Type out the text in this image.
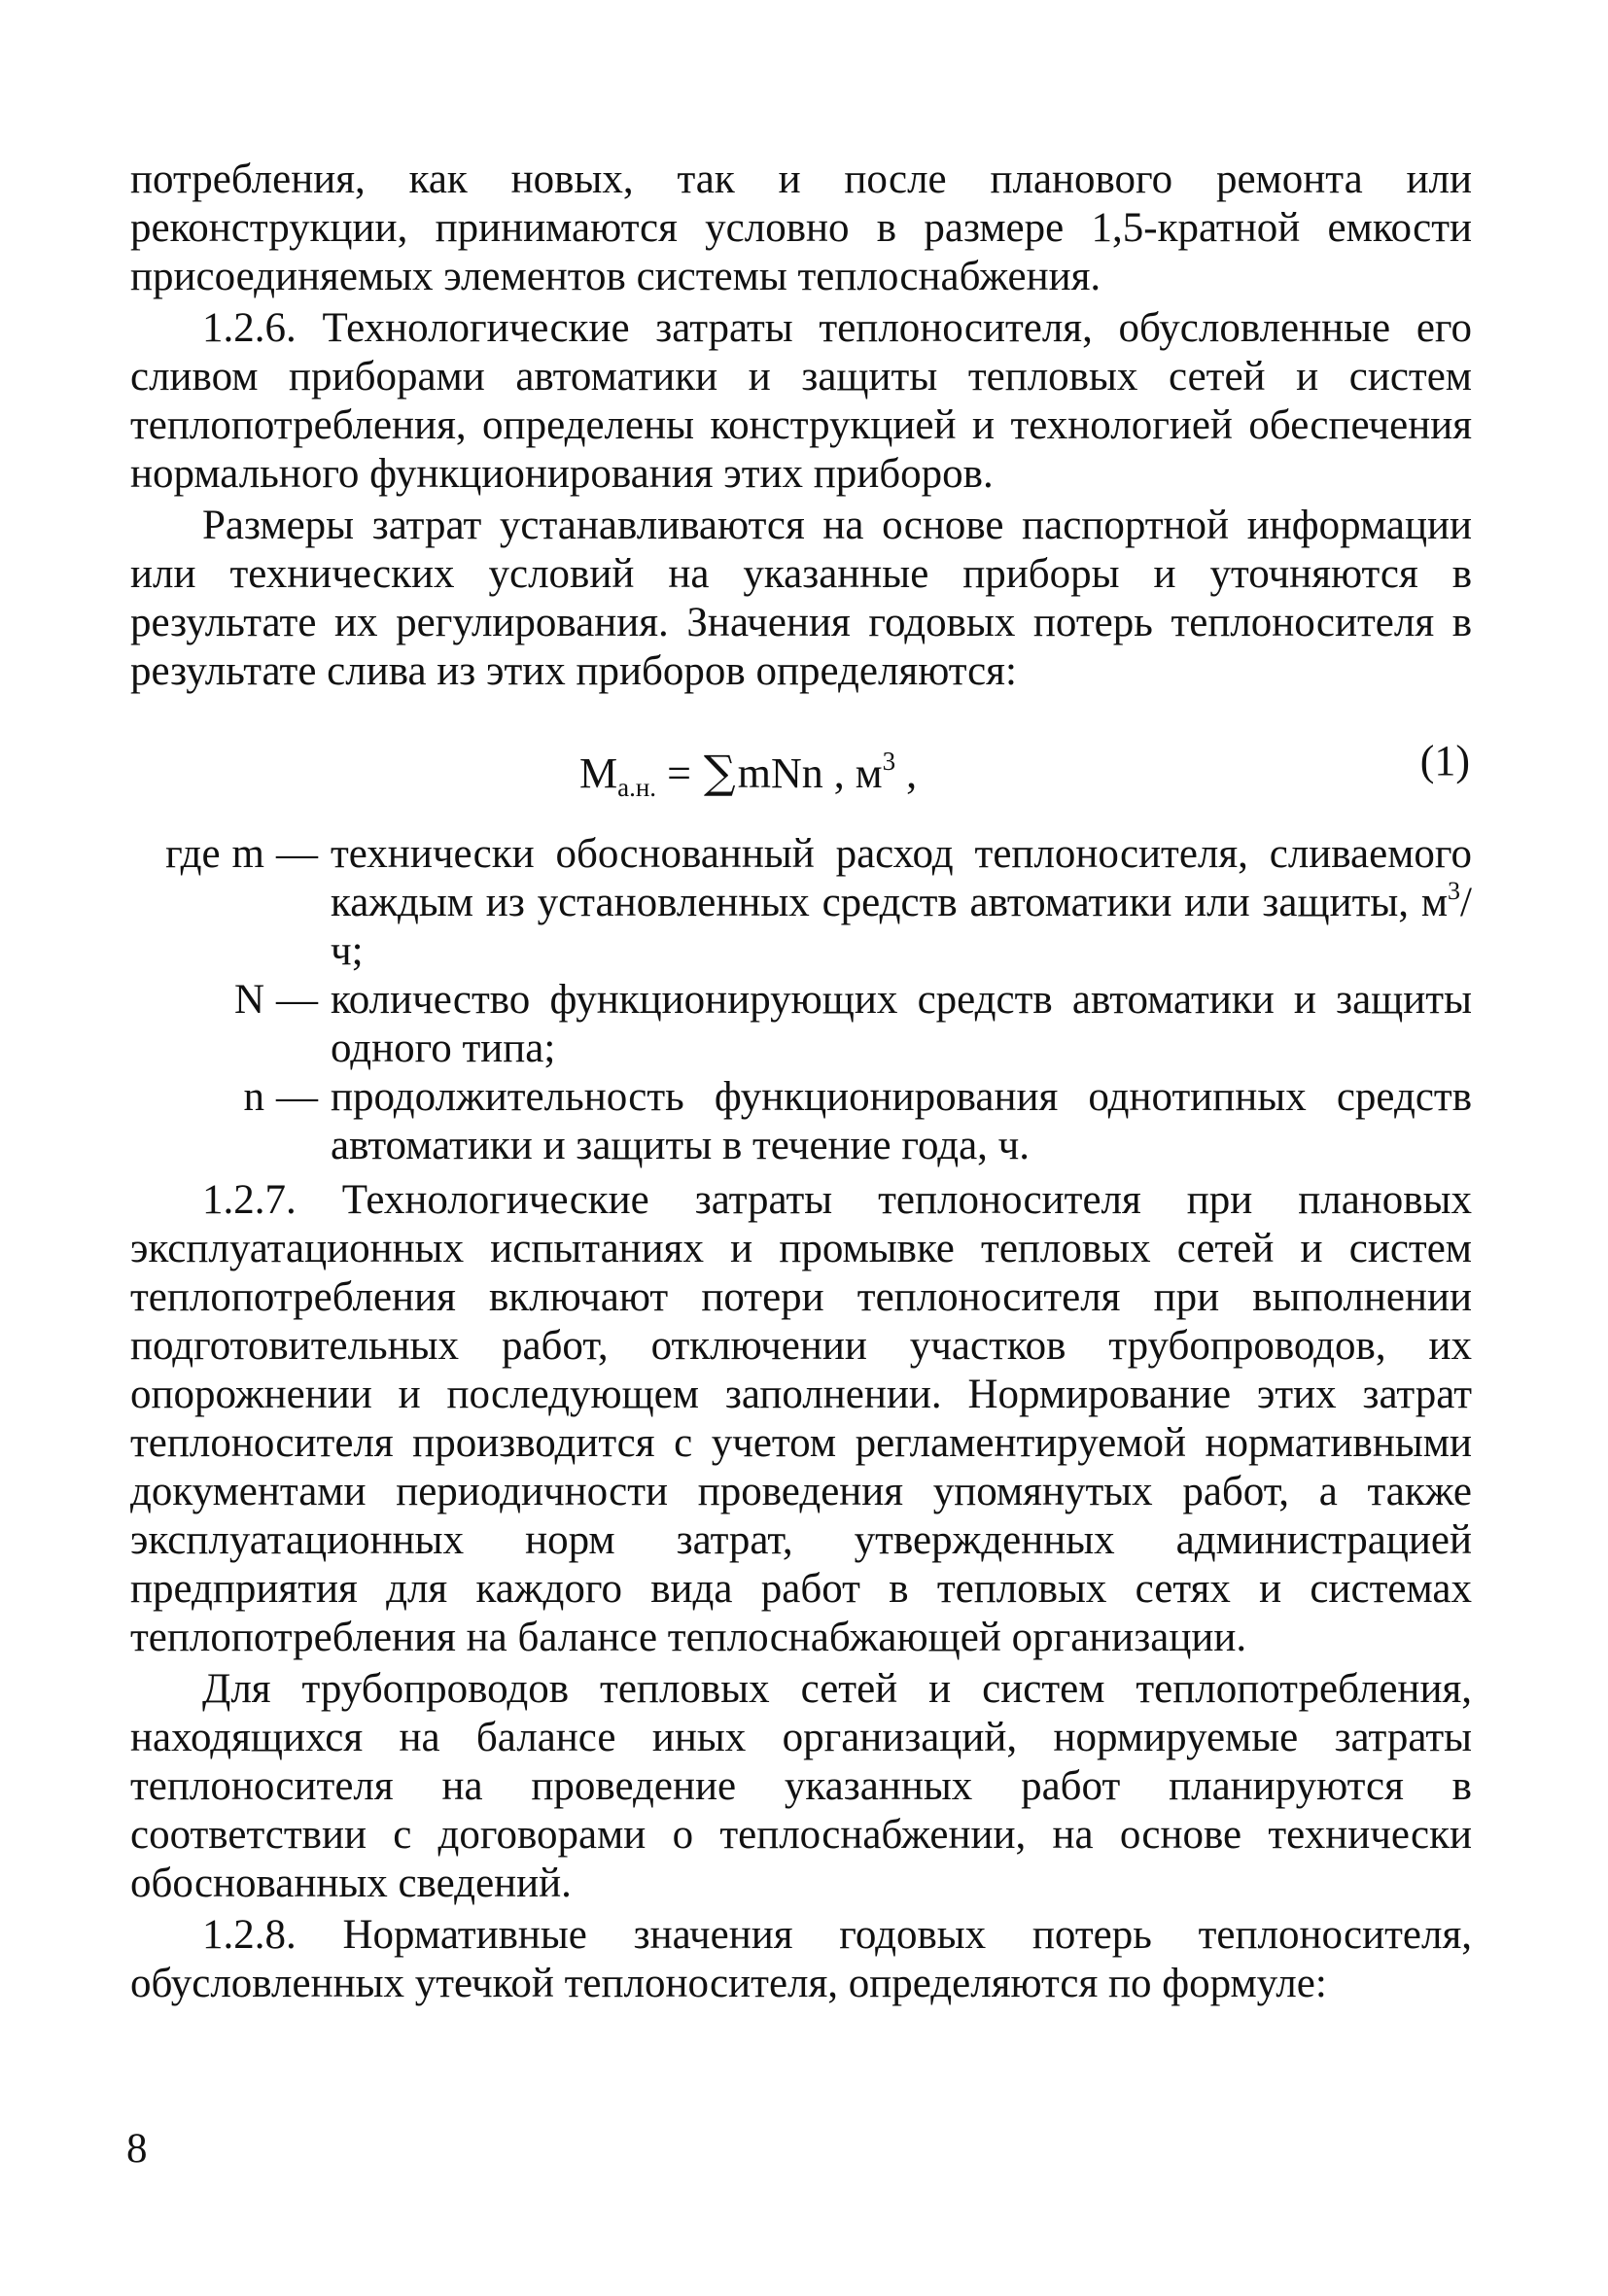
потребления, как новых, так и после планового ремонта или реконструкции, принимаются условно в размере 1,5-кратной емкости присоединяемых элементов системы теплоснабжения.

1.2.6. Технологические затраты теплоносителя, обусловленные его сливом приборами автоматики и защиты тепловых сетей и систем теплопотребления, определены конструкцией и технологией обеспечения нормального функционирования этих приборов.

Размеры затрат устанавливаются на основе паспортной информации или технических условий на указанные приборы и уточняются в результате их регулирования. Значения годовых потерь теплоносителя в результате слива из этих приборов определяются:

$M_{а.н.} = \sum mNn$ , $м^3$ ,	(1)
где m — технически обоснованный расход теплоносителя, сливаемого каждым из установленных средств автоматики или защиты, $м^3/ч$;
N — количество функционирующих средств автоматики и защиты одного типа;
n — продолжительность функционирования однотипных средств автоматики и защиты в течение года, ч.

1.2.7. Технологические затраты теплоносителя при плановых эксплуатационных испытаниях и промывке тепловых сетей и систем теплопотребления включают потери теплоносителя при выполнении подготовительных работ, отключении участков трубопроводов, их опорожнении и последующем заполнении. Нормирование этих затрат теплоносителя производится с учетом регламентируемой нормативными документами периодичности проведения упомянутых работ, а также эксплуатационных норм затрат, утвержденных администрацией предприятия для каждого вида работ в тепловых сетях и системах теплопотребления на балансе теплоснабжающей организации.

Для трубопроводов тепловых сетей и систем теплопотребления, находящихся на балансе иных организаций, нормируемые затраты теплоносителя на проведение указанных работ планируются в соответствии с договорами о теплоснабжении, на основе технически обоснованных сведений.

1.2.8. Нормативные значения годовых потерь теплоносителя, обусловленных утечкой теплоносителя, определяются по формуле:

8
